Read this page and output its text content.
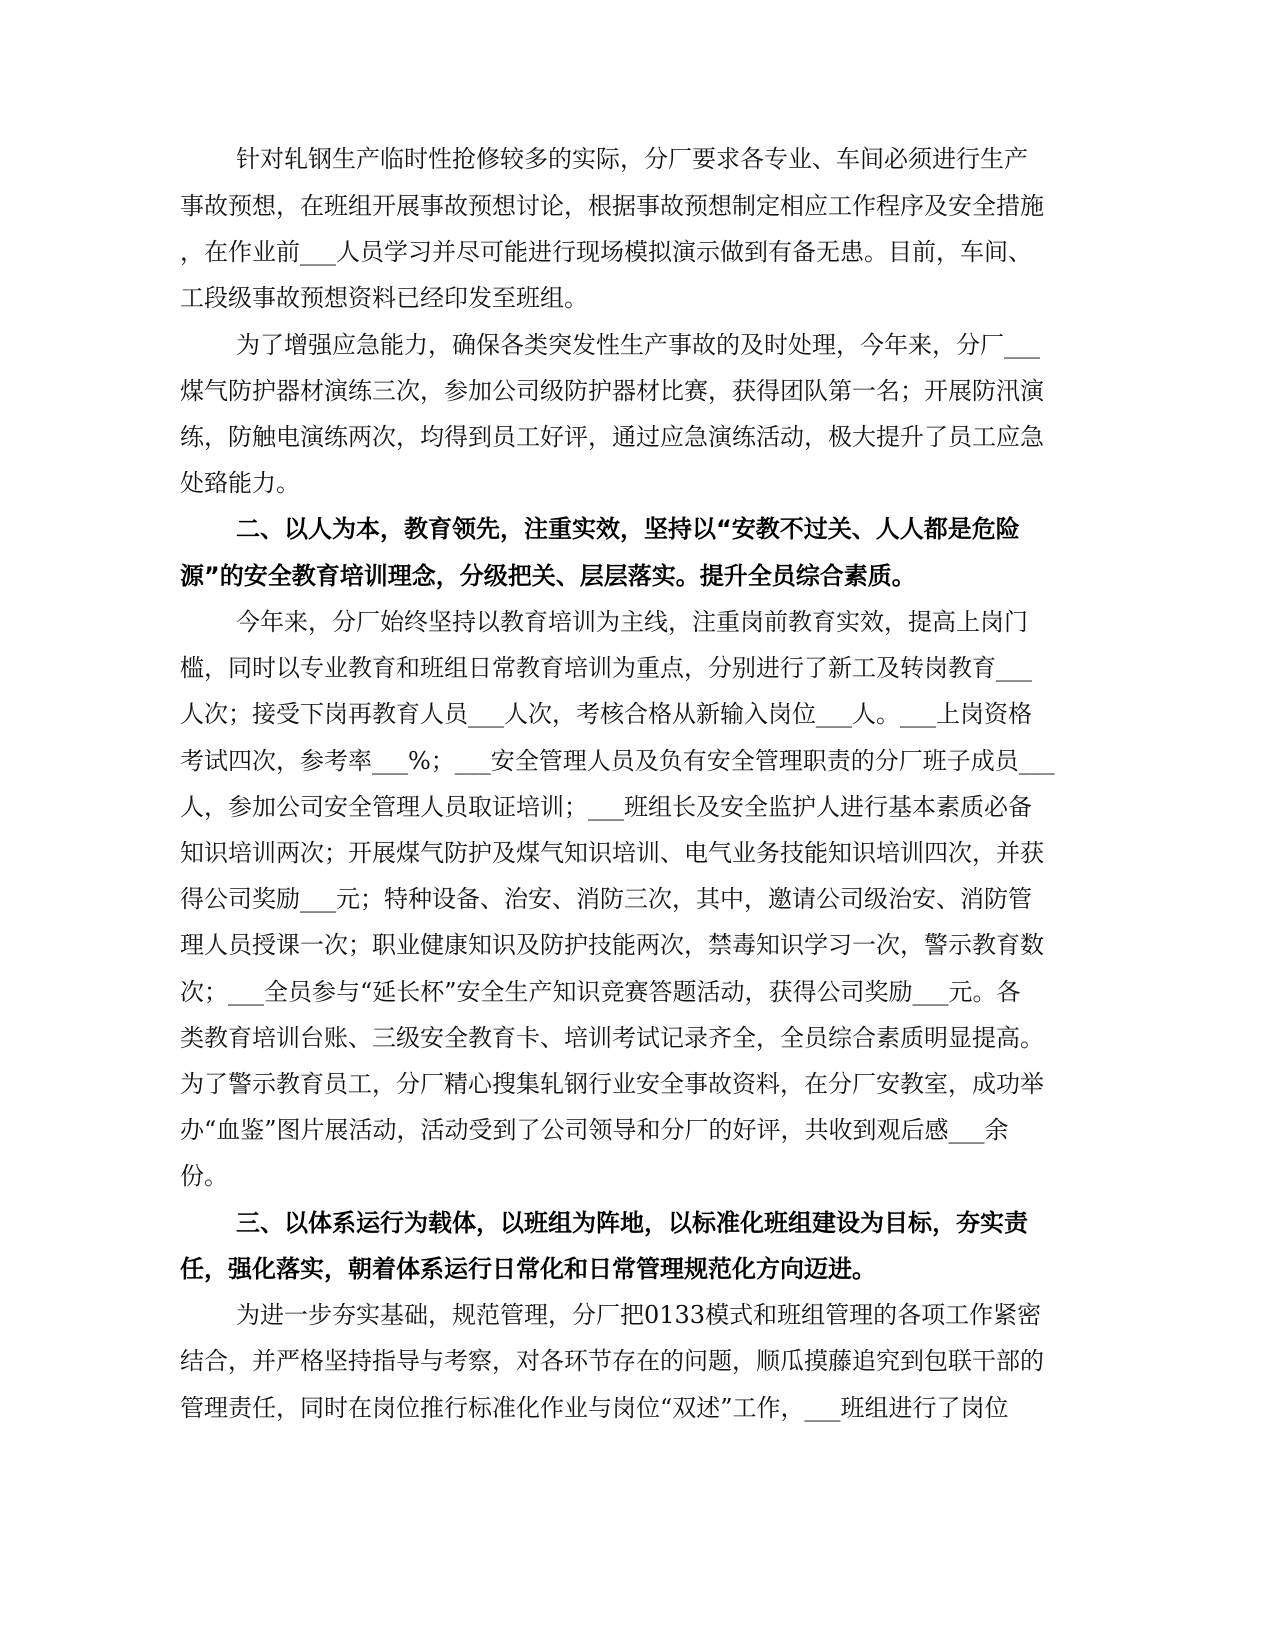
针对轧钢生产临时性抢修较多的实际，分厂要求各专业、车间必须进行生产
事故预想，在班组开展事故预想讨论，根据事故预想制定相应工作程序及安全措施
，在作业前___人员学习并尽可能进行现场模拟演示做到有备无患。目前，车间、
工段级事故预想资料已经印发至班组。
为了增强应急能力，确保各类突发性生产事故的及时处理，今年来，分厂___
煤气防护器材演练三次，参加公司级防护器材比赛，获得团队第一名；开展防汛演
练，防触电演练两次，均得到员工好评，通过应急演练活动，极大提升了员工应急
处臵能力。
二、以人为本，教育领先，注重实效，坚持以“安教不过关、人人都是危险
源”的安全教育培训理念，分级把关、层层落实。提升全员综合素质。
今年来，分厂始终坚持以教育培训为主线，注重岗前教育实效，提高上岗门
槛，同时以专业教育和班组日常教育培训为重点，分别进行了新工及转岗教育___
人次；接受下岗再教育人员___人次，考核合格从新输入岗位___人。___上岗资格
考试四次，参考率___%；___安全管理人员及负有安全管理职责的分厂班子成员___
人，参加公司安全管理人员取证培训；___班组长及安全监护人进行基本素质必备
知识培训两次；开展煤气防护及煤气知识培训、电气业务技能知识培训四次，并获
得公司奖励___元；特种设备、治安、消防三次，其中，邀请公司级治安、消防管
理人员授课一次；职业健康知识及防护技能两次，禁毒知识学习一次，警示教育数
次；___全员参与“延长杯”安全生产知识竞赛答题活动，获得公司奖励___元。各
类教育培训台账、三级安全教育卡、培训考试记录齐全，全员综合素质明显提高。
为了警示教育员工，分厂精心搜集轧钢行业安全事故资料，在分厂安教室，成功举
办“血鉴”图片展活动，活动受到了公司领导和分厂的好评，共收到观后感___余
份。
三、以体系运行为载体，以班组为阵地，以标准化班组建设为目标，夯实责
任，强化落实，朝着体系运行日常化和日常管理规范化方向迈进。
为进一步夯实基础，规范管理，分厂把0133模式和班组管理的各项工作紧密
结合，并严格坚持指导与考察，对各环节存在的问题，顺瓜摸藤追究到包联干部的
管理责任，同时在岗位推行标准化作业与岗位“双述”工作，___班组进行了岗位
